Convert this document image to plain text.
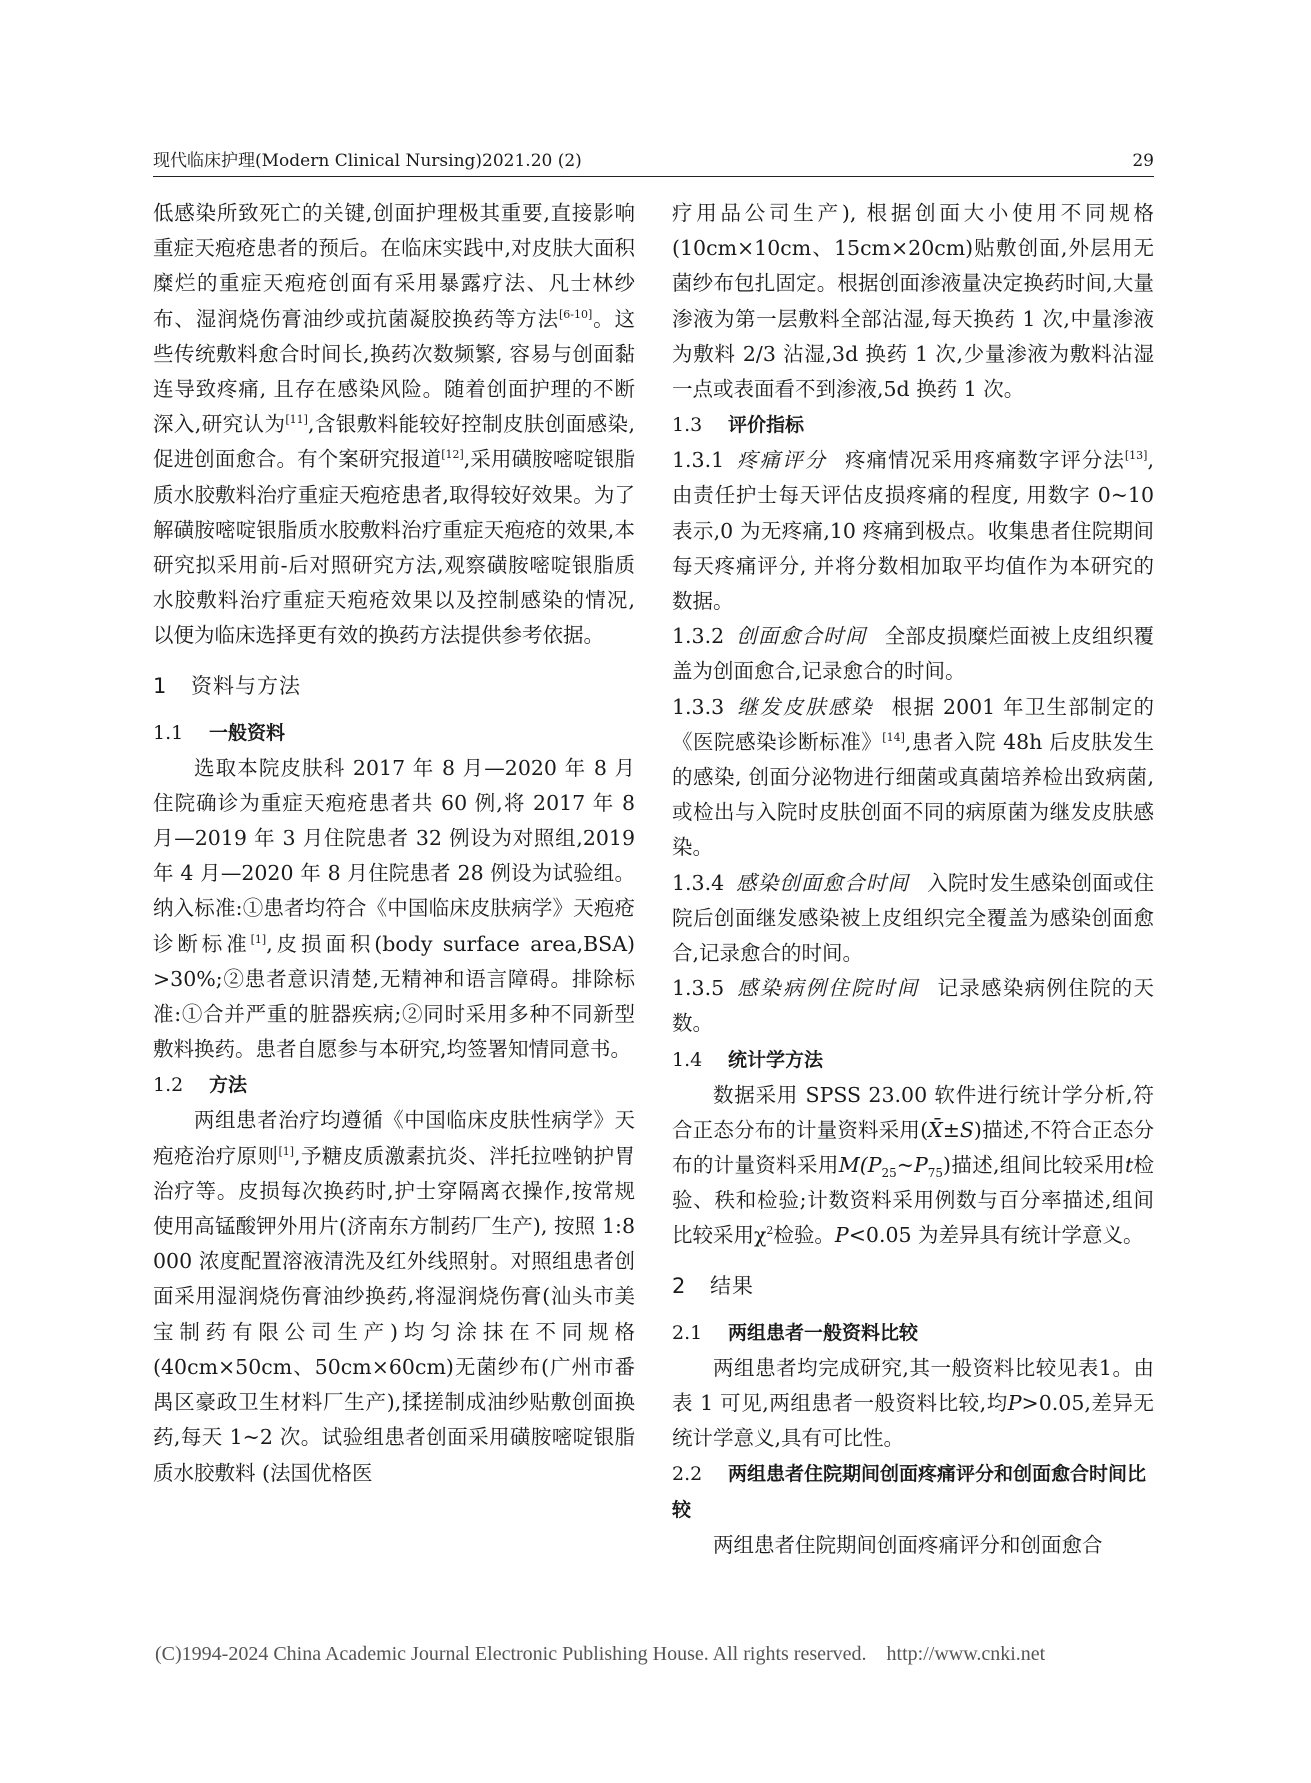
现代临床护理(Modern Clinical Nursing)2021.20 (2)	29

低感染所致死亡的关键,创面护理极其重要,直接影响重症天疱疮患者的预后。在临床实践中,对皮肤大面积糜烂的重症天疱疮创面有采用暴露疗法、凡士林纱布、湿润烧伤膏油纱或抗菌凝胶换药等方法[6-10]。这些传统敷料愈合时间长,换药次数频繁, 容易与创面黏连导致疼痛, 且存在感染风险。随着创面护理的不断深入,研究认为[11],含银敷料能较好控制皮肤创面感染,促进创面愈合。有个案研究报道[12],采用磺胺嘧啶银脂质水胶敷料治疗重症天疱疮患者,取得较好效果。为了解磺胺嘧啶银脂质水胶敷料治疗重症天疱疮的效果,本研究拟采用前-后对照研究方法,观察磺胺嘧啶银脂质水胶敷料治疗重症天疱疮效果以及控制感染的情况, 以便为临床选择更有效的换药方法提供参考依据。

1 资料与方法
1.1 一般资料

选取本院皮肤科 2017 年 8 月—2020 年 8 月住院确诊为重症天疱疮患者共 60 例,将 2017 年 8 月—2019 年 3 月住院患者 32 例设为对照组,2019 年 4 月—2020 年 8 月住院患者 28 例设为试验组。纳入标准:①患者均符合《中国临床皮肤病学》天疱疮诊断标准[1],皮损面积(body surface area,BSA) >30%;②患者意识清楚,无精神和语言障碍。排除标准:①合并严重的脏器疾病;②同时采用多种不同新型敷料换药。患者自愿参与本研究,均签署知情同意书。

1.2 方法

两组患者治疗均遵循《中国临床皮肤性病学》天疱疮治疗原则[1],予糖皮质激素抗炎、泮托拉唑钠护胃治疗等。皮损每次换药时,护士穿隔离衣操作,按常规使用高锰酸钾外用片(济南东方制药厂生产), 按照 1:8 000 浓度配置溶液清洗及红外线照射。对照组患者创面采用湿润烧伤膏油纱换药,将湿润烧伤膏(汕头市美宝制药有限公司生产)均匀涂抹在不同规格(40cm×50cm、50cm×60cm)无菌纱布(广州市番禺区豪政卫生材料厂生产),揉搓制成油纱贴敷创面换药,每天 1~2 次。试验组患者创面采用磺胺嘧啶银脂质水胶敷料 (法国优格医

疗用品公司生产), 根据创面大小使用不同规格 (10cm×10cm、15cm×20cm)贴敷创面,外层用无菌纱布包扎固定。根据创面渗液量决定换药时间,大量渗液为第一层敷料全部沾湿,每天换药 1 次,中量渗液为敷料 2/3 沾湿,3d 换药 1 次,少量渗液为敷料沾湿一点或表面看不到渗液,5d 换药 1 次。

1.3 评价指标

1.3.1 疼痛评分 疼痛情况采用疼痛数字评分法[13], 由责任护士每天评估皮损疼痛的程度, 用数字 0~10 表示,0 为无疼痛,10 疼痛到极点。收集患者住院期间每天疼痛评分, 并将分数相加取平均值作为本研究的数据。

1.3.2 创面愈合时间 全部皮损糜烂面被上皮组织覆盖为创面愈合,记录愈合的时间。

1.3.3 继发皮肤感染 根据 2001 年卫生部制定的《医院感染诊断标准》[14],患者入院 48h 后皮肤发生的感染, 创面分泌物进行细菌或真菌培养检出致病菌, 或检出与入院时皮肤创面不同的病原菌为继发皮肤感染。

1.3.4 感染创面愈合时间 入院时发生感染创面或住院后创面继发感染被上皮组织完全覆盖为感染创面愈合,记录愈合的时间。

1.3.5 感染病例住院时间 记录感染病例住院的天数。

1.4 统计学方法

数据采用 SPSS 23.00 软件进行统计学分析,符合正态分布的计量资料采用(X̄±S)描述,不符合正态分布的计量资料采用$M(P_{25}\sim P_{75})$描述,组间比较采用t检验、秩和检验;计数资料采用例数与百分率描述,组间比较采用$\chi^2$检验。P<0.05 为差异具有统计学意义。

2 结果
2.1 两组患者一般资料比较

两组患者均完成研究,其一般资料比较见表1。由表 1 可见,两组患者一般资料比较,均P>0.05,差异无统计学意义,具有可比性。

2.2 两组患者住院期间创面疼痛评分和创面愈合时间比较

两组患者住院期间创面疼痛评分和创面愈合

(C)1994-2024 China Academic Journal Electronic Publishing House. All rights reserved. http://www.cnki.net
